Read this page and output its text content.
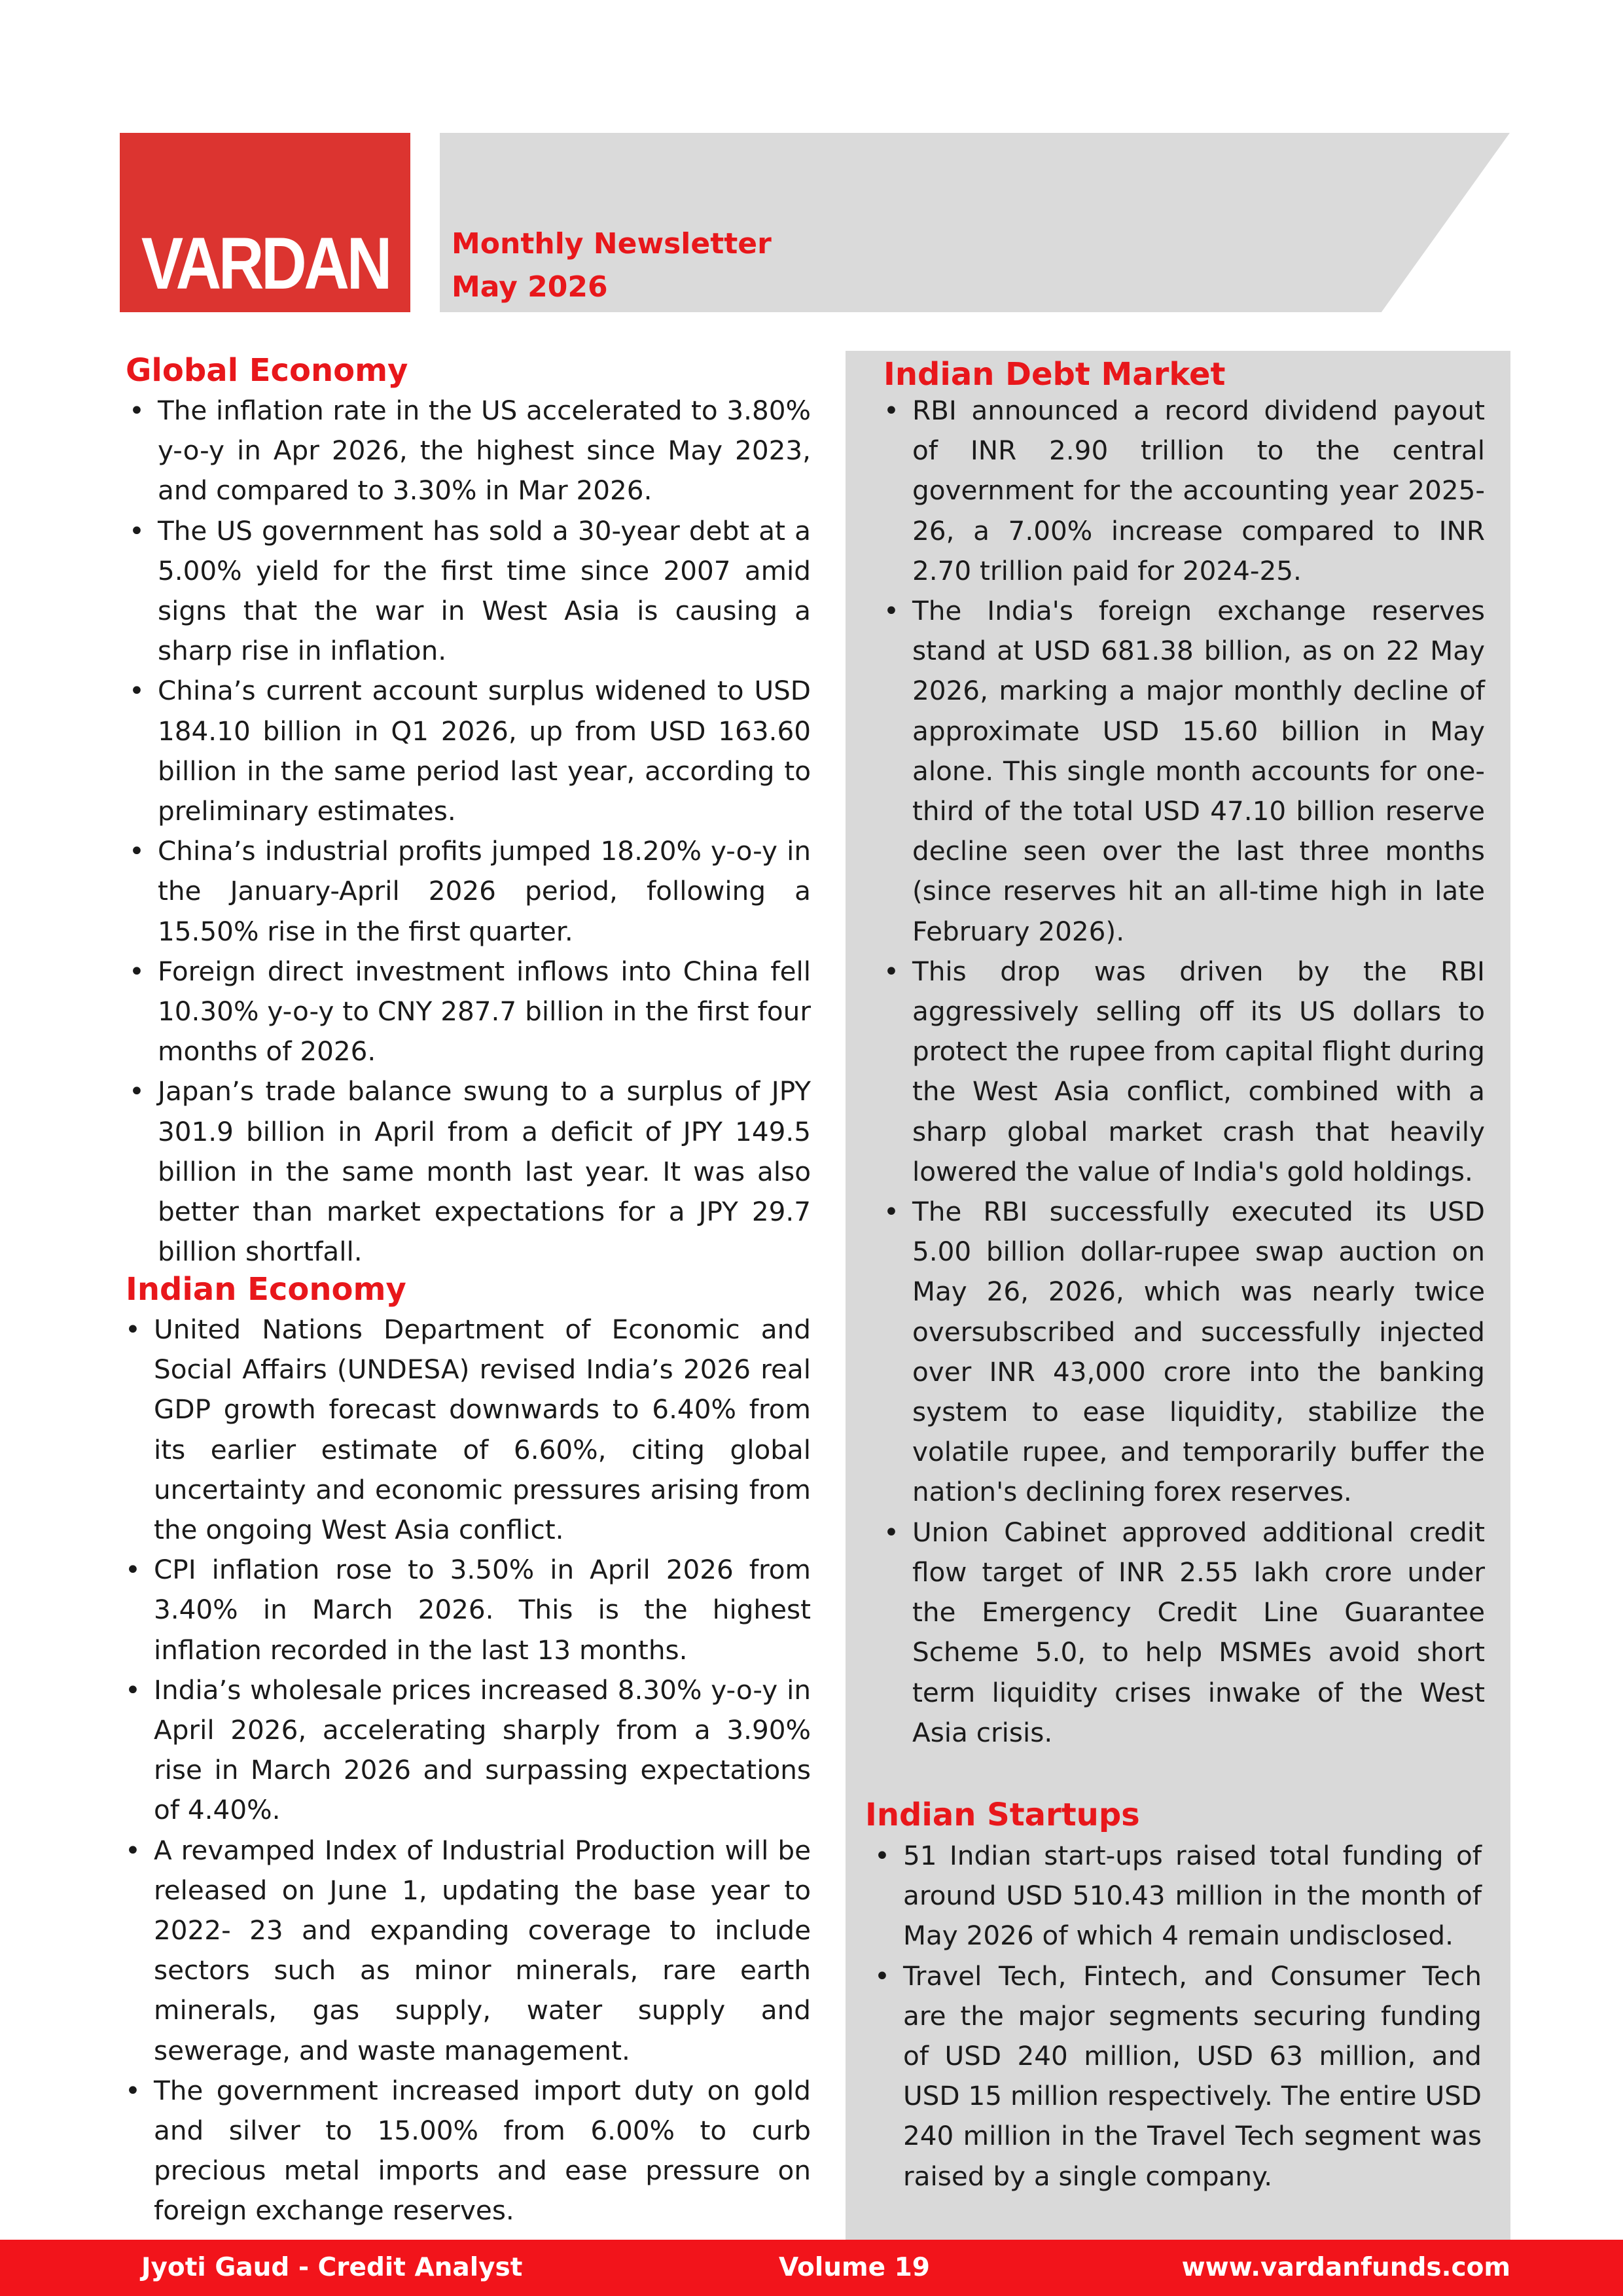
VARDAN Monthly Newsletter
May 2026
Global Economy
• The inflation rate in the US accelerated to 3.80% y-o-y in Apr 2026, the highest since May 2023, and compared to 3.30% in Mar 2026.
• The US government has sold a 30-year debt at a 5.00% yield for the first time since 2007 amid signs that the war in West Asia is causing a sharp rise in inflation.
• China’s current account surplus widened to USD 184.10 billion in Q1 2026, up from USD 163.60 billion in the same period last year, according to preliminary estimates.
• China’s industrial profits jumped 18.20% y-o-y in the January-April 2026 period, following a 15.50% rise in the first quarter.
• Foreign direct investment inflows into China fell 10.30% y-o-y to CNY 287.7 billion in the first four months of 2026.
• Japan’s trade balance swung to a surplus of JPY 301.9 billion in April from a deficit of JPY 149.5 billion in the same month last year. It was also better than market expectations for a JPY 29.7 billion shortfall.
Indian Economy
• United Nations Department of Economic and Social Affairs (UNDESA) revised India’s 2026 real GDP growth forecast downwards to 6.40% from its earlier estimate of 6.60%, citing global uncertainty and economic pressures arising from the ongoing West Asia conflict.
• CPI inflation rose to 3.50% in April 2026 from 3.40% in March 2026. This is the highest inflation recorded in the last 13 months.
• India’s wholesale prices increased 8.30% y-o-y in April 2026, accelerating sharply from a 3.90% rise in March 2026 and surpassing expectations of 4.40%.
• A revamped Index of Industrial Production will be released on June 1, updating the base year to 2022- 23 and expanding coverage to include sectors such as minor minerals, rare earth minerals, gas supply, water supply and sewerage, and waste management.
• The government increased import duty on gold and silver to 15.00% from 6.00% to curb precious metal imports and ease pressure on foreign exchange reserves.
Indian Debt Market
• RBI announced a record dividend payout of INR 2.90 trillion to the central government for the accounting year 2025-26, a 7.00% increase compared to INR 2.70 trillion paid for 2024-25.
• The India's foreign exchange reserves stand at USD 681.38 billion, as on 22 May 2026, marking a major monthly decline of approximate USD 15.60 billion in May alone. This single month accounts for one-third of the total USD 47.10 billion reserve decline seen over the last three months (since reserves hit an all-time high in late February 2026).
• This drop was driven by the RBI aggressively selling off its US dollars to protect the rupee from capital flight during the West Asia conflict, combined with a sharp global market crash that heavily lowered the value of India's gold holdings.
• The RBI successfully executed its USD 5.00 billion dollar-rupee swap auction on May 26, 2026, which was nearly twice oversubscribed and successfully injected over INR 43,000 crore into the banking system to ease liquidity, stabilize the volatile rupee, and temporarily buffer the nation's declining forex reserves.
• Union Cabinet approved additional credit flow target of INR 2.55 lakh crore under the Emergency Credit Line Guarantee Scheme 5.0, to help MSMEs avoid short term liquidity crises inwake of the West Asia crisis.
Indian Startups
• 51 Indian start-ups raised total funding of around USD 510.43 million in the month of May 2026 of which 4 remain undisclosed.
• Travel Tech, Fintech, and Consumer Tech are the major segments securing funding of USD 240 million, USD 63 million, and USD 15 million respectively. The entire USD 240 million in the Travel Tech segment was raised by a single company.
Jyoti Gaud - Credit Analyst	Volume 19	www.vardanfunds.com
